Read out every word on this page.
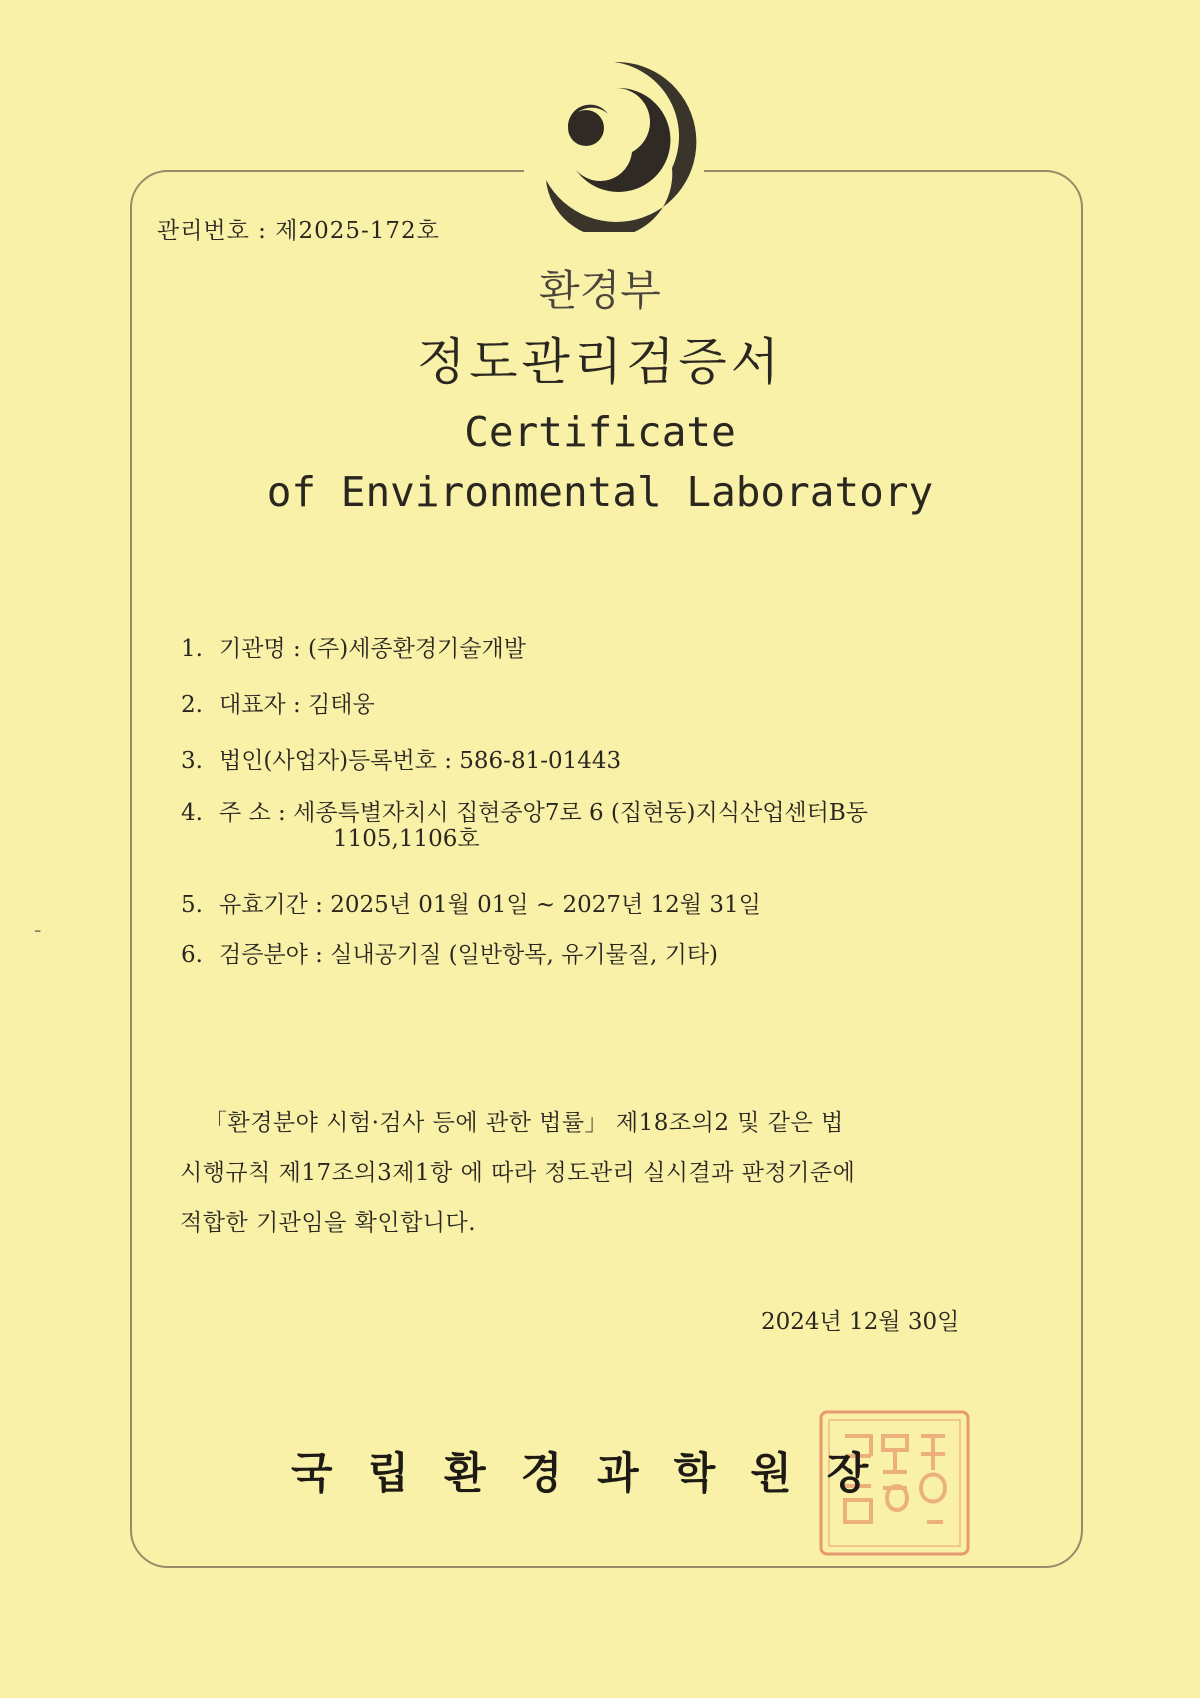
관리번호 : 제2025-172호
환경부
정도관리검증서
Certificate
of Environmental Laboratory
1. 기관명 : (주)세종환경기술개발
2. 대표자 : 김태웅
3. 법인(사업자)등록번호 : 586-81-01443
4. 주 소 : 세종특별자치시 집현중앙7로 6 (집현동)지식산업센터B동
1105,1106호
5. 유효기간 : 2025년 01월 01일 ~ 2027년 12월 31일
6. 검증분야 : 실내공기질 (일반항목, 유기물질, 기타)
「환경분야 시험·검사 등에 관한 법률」 제18조의2 및 같은 법
시행규칙 제17조의3제1항 에 따라 정도관리 실시결과 판정기준에
적합한 기관임을 확인합니다.
2024년 12월 30일
국립환경과학원장
-
